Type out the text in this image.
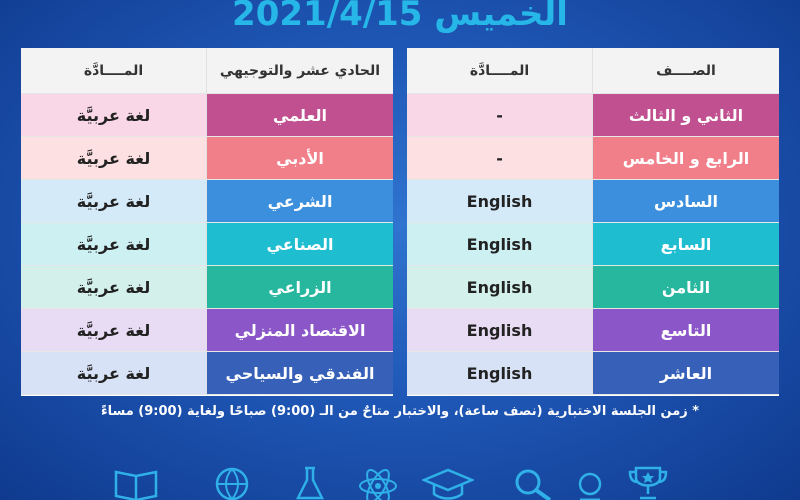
الخميس 2021/4/15
المــــادَّة	الصــــف
-	الثاني و الثالث
-	الرابع و الخامس
English	السادس
English	السابع
English	الثامن
English	التاسع
English	العاشر
المــــادَّة	الحادي عشر والتوجيهي
لغة عربيَّة	العلمي
لغة عربيَّة	الأدبي
لغة عربيَّة	الشرعي
لغة عربيَّة	الصناعي
لغة عربيَّة	الزراعي
لغة عربيَّة	الاقتصاد المنزلي
لغة عربيَّة	الفندقي والسياحي
* زمن الجلسة الاختبارية (نصف ساعة)، والاختبار متاحٌ من الـ (9:00) صباحًا ولغاية (9:00) مساءً
